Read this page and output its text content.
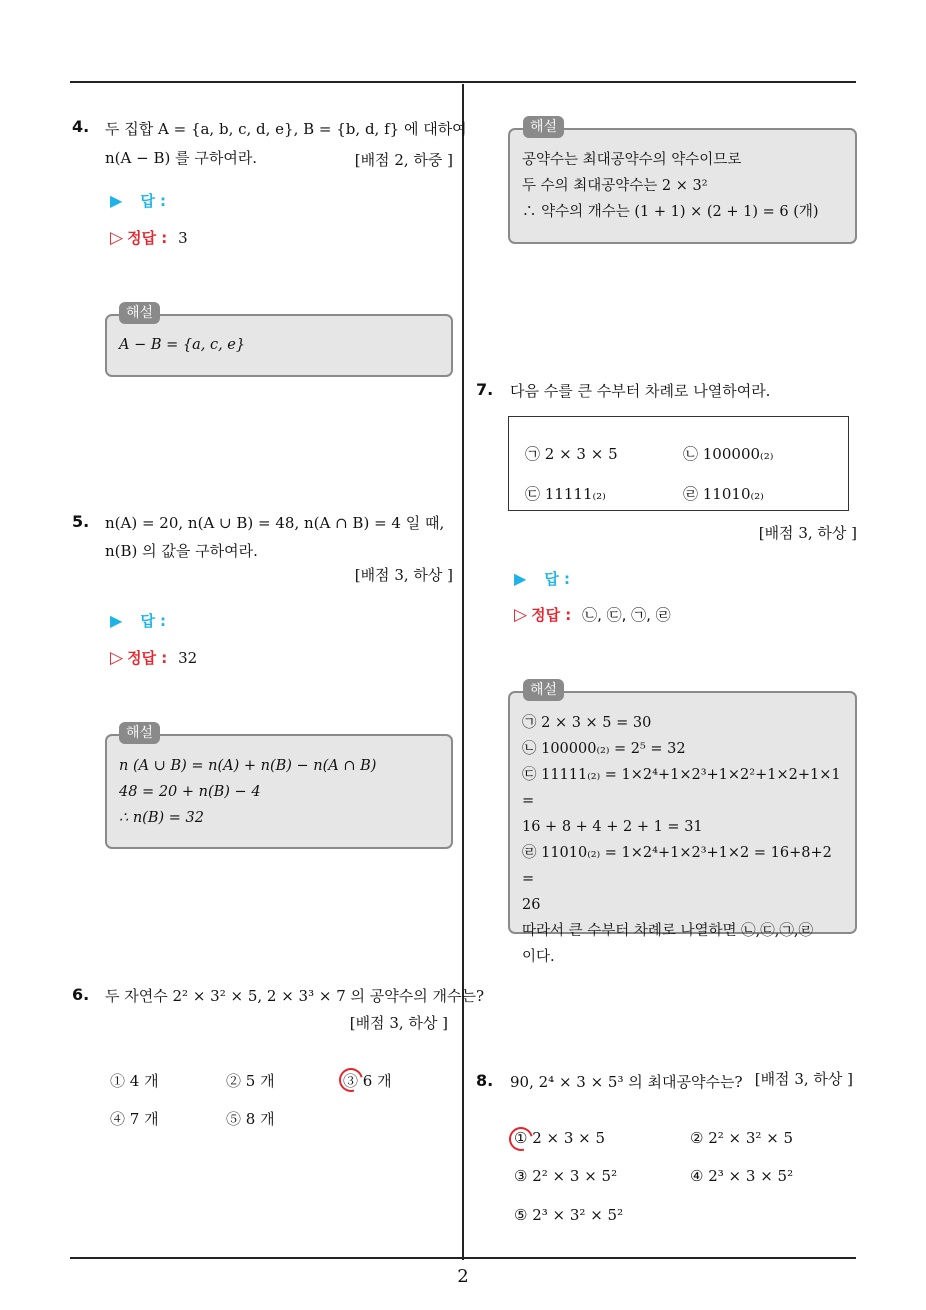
4. 두 집합 A = {a, b, c, d, e}, B = {b, d, f} 에 대하여
n(A − B) 를 구하여라.	[배점 2, 하중 ]
▶ 답 :
▷ 정답 : 3
A − B = {a, c, e}
해설
5. n(A) = 20, n(A ∪ B) = 48, n(A ∩ B) = 4 일 때,
n(B) 의 값을 구하여라.
[배점 3, 하상 ]
▶ 답 :
▷ 정답 : 32
n (A ∪ B) = n(A) + n(B) − n(A ∩ B)
48 = 20 + n(B) − 4
∴ n(B) = 32
해설
6. 두 자연수 2² × 3² × 5, 2 × 3³ × 7 의 공약수의 개수는?
[배점 3, 하상 ]
① 4 개	② 5 개	③ 6 개
④ 7 개	⑤ 8 개
공약수는 최대공약수의 약수이므로
두 수의 최대공약수는 2 × 3²
∴ 약수의 개수는 (1 + 1) × (2 + 1) = 6 (개)
해설
7. 다음 수를 큰 수부터 차례로 나열하여라.
㉠ 2 × 3 × 5	㉡ 100000₍₂₎
㉢ 11111₍₂₎	㉣ 11010₍₂₎
[배점 3, 하상 ]
▶ 답 :
▷ 정답 : ㉡, ㉢, ㉠, ㉣
㉠ 2 × 3 × 5 = 30
㉡ 100000₍₂₎ = 2⁵ = 32
㉢ 11111₍₂₎ = 1×2⁴+1×2³+1×2²+1×2+1×1 =
16 + 8 + 4 + 2 + 1 = 31
㉣ 11010₍₂₎ = 1×2⁴+1×2³+1×2 = 16+8+2 =
26
따라서 큰 수부터 차례로 나열하면 ㉡,㉢,㉠,㉣
이다.
해설
8. 90, 2⁴ × 3 × 5³ 의 최대공약수는? [배점 3, 하상 ]
① 2 × 3 × 5	② 2² × 3² × 5
③ 2² × 3 × 5²	④ 2³ × 3 × 5²
⑤ 2³ × 3² × 5²
2
